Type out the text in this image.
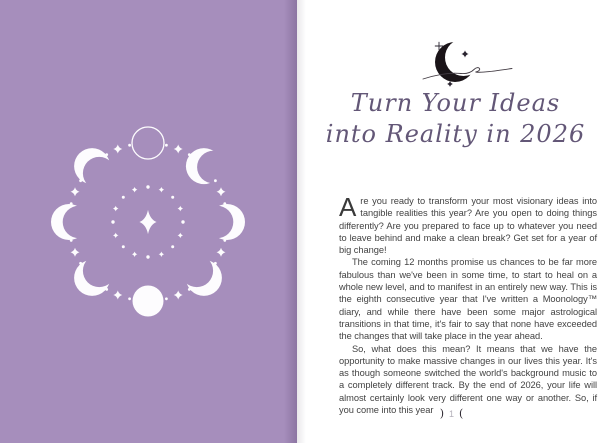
Turn Your Ideas
into Reality in 2026

Are you ready to transform your most visionary ideas into tangible realities this year? Are you open to doing things differently? Are you prepared to face up to whatever you need to leave behind and make a clean break? Get set for a year of big change!

The coming 12 months promise us chances to be far more fabulous than we've been in some time, to start to heal on a whole new level, and to manifest in an entirely new way. This is the eighth consecutive year that I've written a Moonology™ diary, and while there have been some major astrological transitions in that time, it's fair to say that none have exceeded the changes that will take place in the year ahead.

So, what does this mean? It means that we have the opportunity to make massive changes in our lives this year. It's as though someone switched the world's background music to a completely different track. By the end of 2026, your life will almost certainly look very different one way or another. So, if you come into this year ) 1 (
